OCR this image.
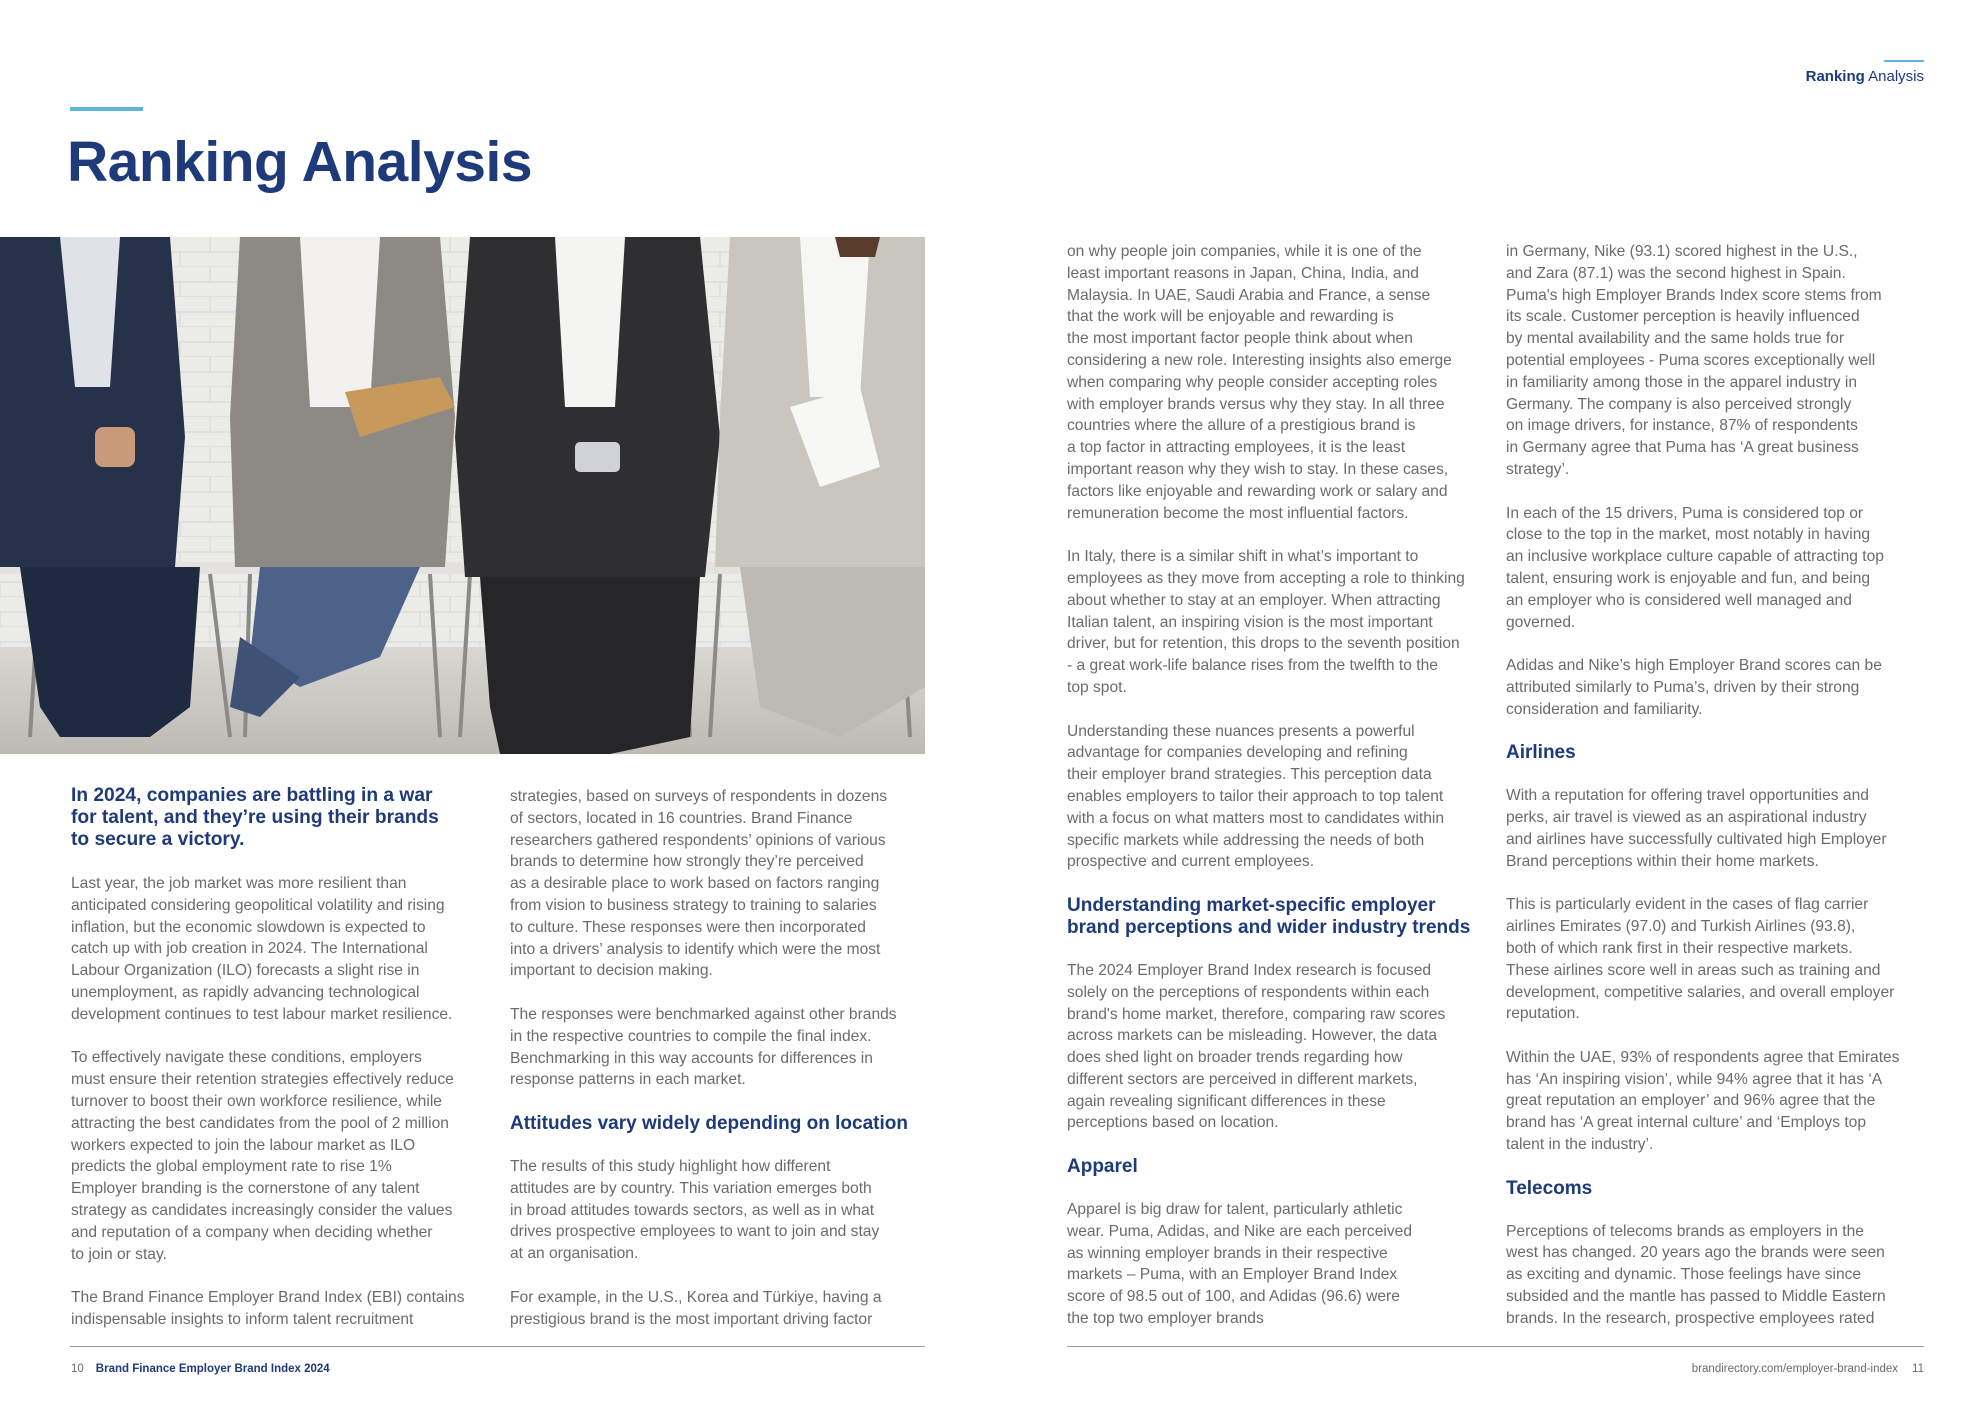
Ranking Analysis
Ranking Analysis
In 2024, companies are battling in a war
for talent, and they’re using their brands
to secure a victory.

Last year, the job market was more resilient than
anticipated considering geopolitical volatility and rising
inflation, but the economic slowdown is expected to
catch up with job creation in 2024. The International
Labour Organization (ILO) forecasts a slight rise in
unemployment, as rapidly advancing technological
development continues to test labour market resilience.

To effectively navigate these conditions, employers
must ensure their retention strategies effectively reduce
turnover to boost their own workforce resilience, while
attracting the best candidates from the pool of 2 million
workers expected to join the labour market as ILO
predicts the global employment rate to rise 1%
Employer branding is the cornerstone of any talent
strategy as candidates increasingly consider the values
and reputation of a company when deciding whether
to join or stay.

The Brand Finance Employer Brand Index (EBI) contains
indispensable insights to inform talent recruitment

strategies, based on surveys of respondents in dozens
of sectors, located in 16 countries. Brand Finance
researchers gathered respondents’ opinions of various
brands to determine how strongly they’re perceived
as a desirable place to work based on factors ranging
from vision to business strategy to training to salaries
to culture. These responses were then incorporated
into a drivers’ analysis to identify which were the most
important to decision making.

The responses were benchmarked against other brands
in the respective countries to compile the final index.
Benchmarking in this way accounts for differences in
response patterns in each market.

Attitudes vary widely depending on location

The results of this study highlight how different
attitudes are by country. This variation emerges both
in broad attitudes towards sectors, as well as in what
drives prospective employees to want to join and stay
at an organisation.

For example, in the U.S., Korea and Türkiye, having a
prestigious brand is the most important driving factor

on why people join companies, while it is one of the
least important reasons in Japan, China, India, and
Malaysia. In UAE, Saudi Arabia and France, a sense
that the work will be enjoyable and rewarding is
the most important factor people think about when
considering a new role. Interesting insights also emerge
when comparing why people consider accepting roles
with employer brands versus why they stay. In all three
countries where the allure of a prestigious brand is
a top factor in attracting employees, it is the least
important reason why they wish to stay. In these cases,
factors like enjoyable and rewarding work or salary and
remuneration become the most influential factors.

In Italy, there is a similar shift in what’s important to
employees as they move from accepting a role to thinking
about whether to stay at an employer. When attracting
Italian talent, an inspiring vision is the most important
driver, but for retention, this drops to the seventh position
- a great work-life balance rises from the twelfth to the
top spot.

Understanding these nuances presents a powerful
advantage for companies developing and refining
their employer brand strategies. This perception data
enables employers to tailor their approach to top talent
with a focus on what matters most to candidates within
specific markets while addressing the needs of both
prospective and current employees.

Understanding market-specific employer
brand perceptions and wider industry trends

The 2024 Employer Brand Index research is focused
solely on the perceptions of respondents within each
brand's home market, therefore, comparing raw scores
across markets can be misleading. However, the data
does shed light on broader trends regarding how
different sectors are perceived in different markets,
again revealing significant differences in these
perceptions based on location.

Apparel

Apparel is big draw for talent, particularly athletic
wear. Puma, Adidas, and Nike are each perceived
as winning employer brands in their respective
markets – Puma, with an Employer Brand Index
score of 98.5 out of 100, and Adidas (96.6) were
the top two employer brands

in Germany, Nike (93.1) scored highest in the U.S.,
and Zara (87.1) was the second highest in Spain.
Puma's high Employer Brands Index score stems from
its scale. Customer perception is heavily influenced
by mental availability and the same holds true for
potential employees - Puma scores exceptionally well
in familiarity among those in the apparel industry in
Germany. The company is also perceived strongly
on image drivers, for instance, 87% of respondents
in Germany agree that Puma has ‘A great business
strategy’.

In each of the 15 drivers, Puma is considered top or
close to the top in the market, most notably in having
an inclusive workplace culture capable of attracting top
talent, ensuring work is enjoyable and fun, and being
an employer who is considered well managed and
governed.

Adidas and Nike’s high Employer Brand scores can be
attributed similarly to Puma’s, driven by their strong
consideration and familiarity.

Airlines

With a reputation for offering travel opportunities and
perks, air travel is viewed as an aspirational industry
and airlines have successfully cultivated high Employer
Brand perceptions within their home markets.

This is particularly evident in the cases of flag carrier
airlines Emirates (97.0) and Turkish Airlines (93.8),
both of which rank first in their respective markets.
These airlines score well in areas such as training and
development, competitive salaries, and overall employer
reputation.

Within the UAE, 93% of respondents agree that Emirates
has ‘An inspiring vision’, while 94% agree that it has ‘A
great reputation an employer’ and 96% agree that the
brand has ‘A great internal culture’ and ‘Employs top
talent in the industry’.

Telecoms

Perceptions of telecoms brands as employers in the
west has changed. 20 years ago the brands were seen
as exciting and dynamic. Those feelings have since
subsided and the mantle has passed to Middle Eastern
brands. In the research, prospective employees rated

10 Brand Finance Employer Brand Index 2024	brandirectory.com/employer-brand-index 11
